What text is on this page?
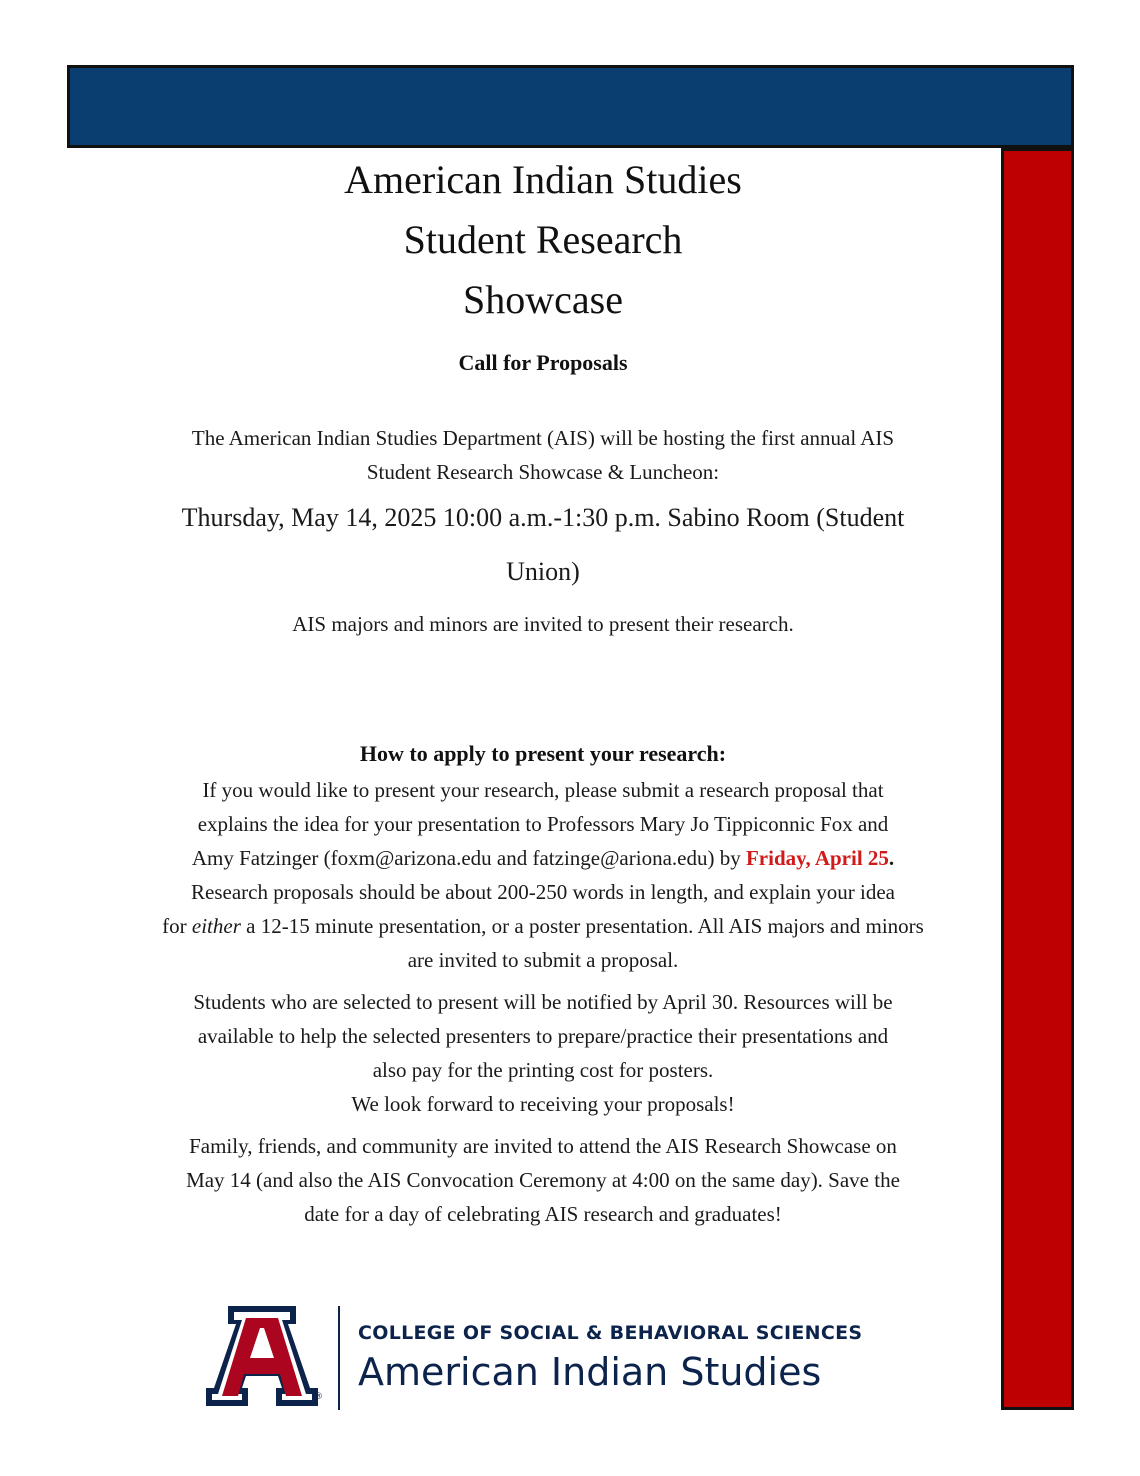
American Indian Studies
Student Research
Showcase

Call for Proposals

The American Indian Studies Department (AIS) will be hosting the first annual AIS

Student Research Showcase & Luncheon:

Thursday, May 14, 2025 10:00 a.m.-1:30 p.m. Sabino Room (Student

Union)

AIS majors and minors are invited to present their research.

How to apply to present your research:

If you would like to present your research, please submit a research proposal that

explains the idea for your presentation to Professors Mary Jo Tippiconnic Fox and

Amy Fatzinger (foxm@arizona.edu and fatzinge@ariona.edu) by Friday, April 25.

Research proposals should be about 200-250 words in length, and explain your idea

for either a 12-15 minute presentation, or a poster presentation. All AIS majors and minors

are invited to submit a proposal.

Students who are selected to present will be notified by April 30. Resources will be

available to help the selected presenters to prepare/practice their presentations and

also pay for the printing cost for posters.

We look forward to receiving your proposals!

Family, friends, and community are invited to attend the AIS Research Showcase on

May 14 (and also the AIS Convocation Ceremony at 4:00 on the same day). Save the

date for a day of celebrating AIS research and graduates!

®
COLLEGE OF SOCIAL & BEHAVIORAL SCIENCES
American Indian Studies
